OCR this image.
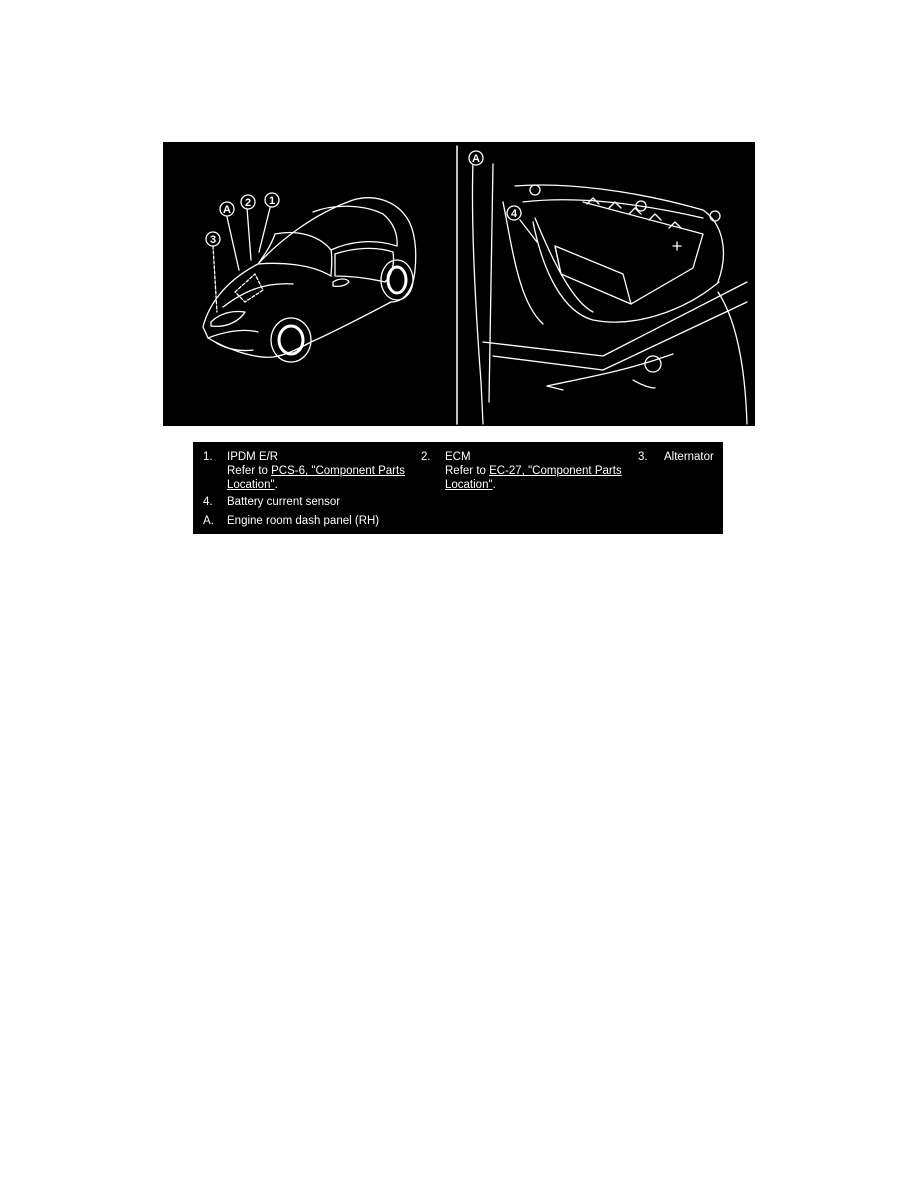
A
2 1
3
A
4
1. IPDM E/R
Refer to PCS-6, "Component Parts
Location".
2. ECM
Refer to EC-27, "Component Parts
Location".
3. Alternator
4. Battery current sensor
A. Engine room dash panel (RH)
